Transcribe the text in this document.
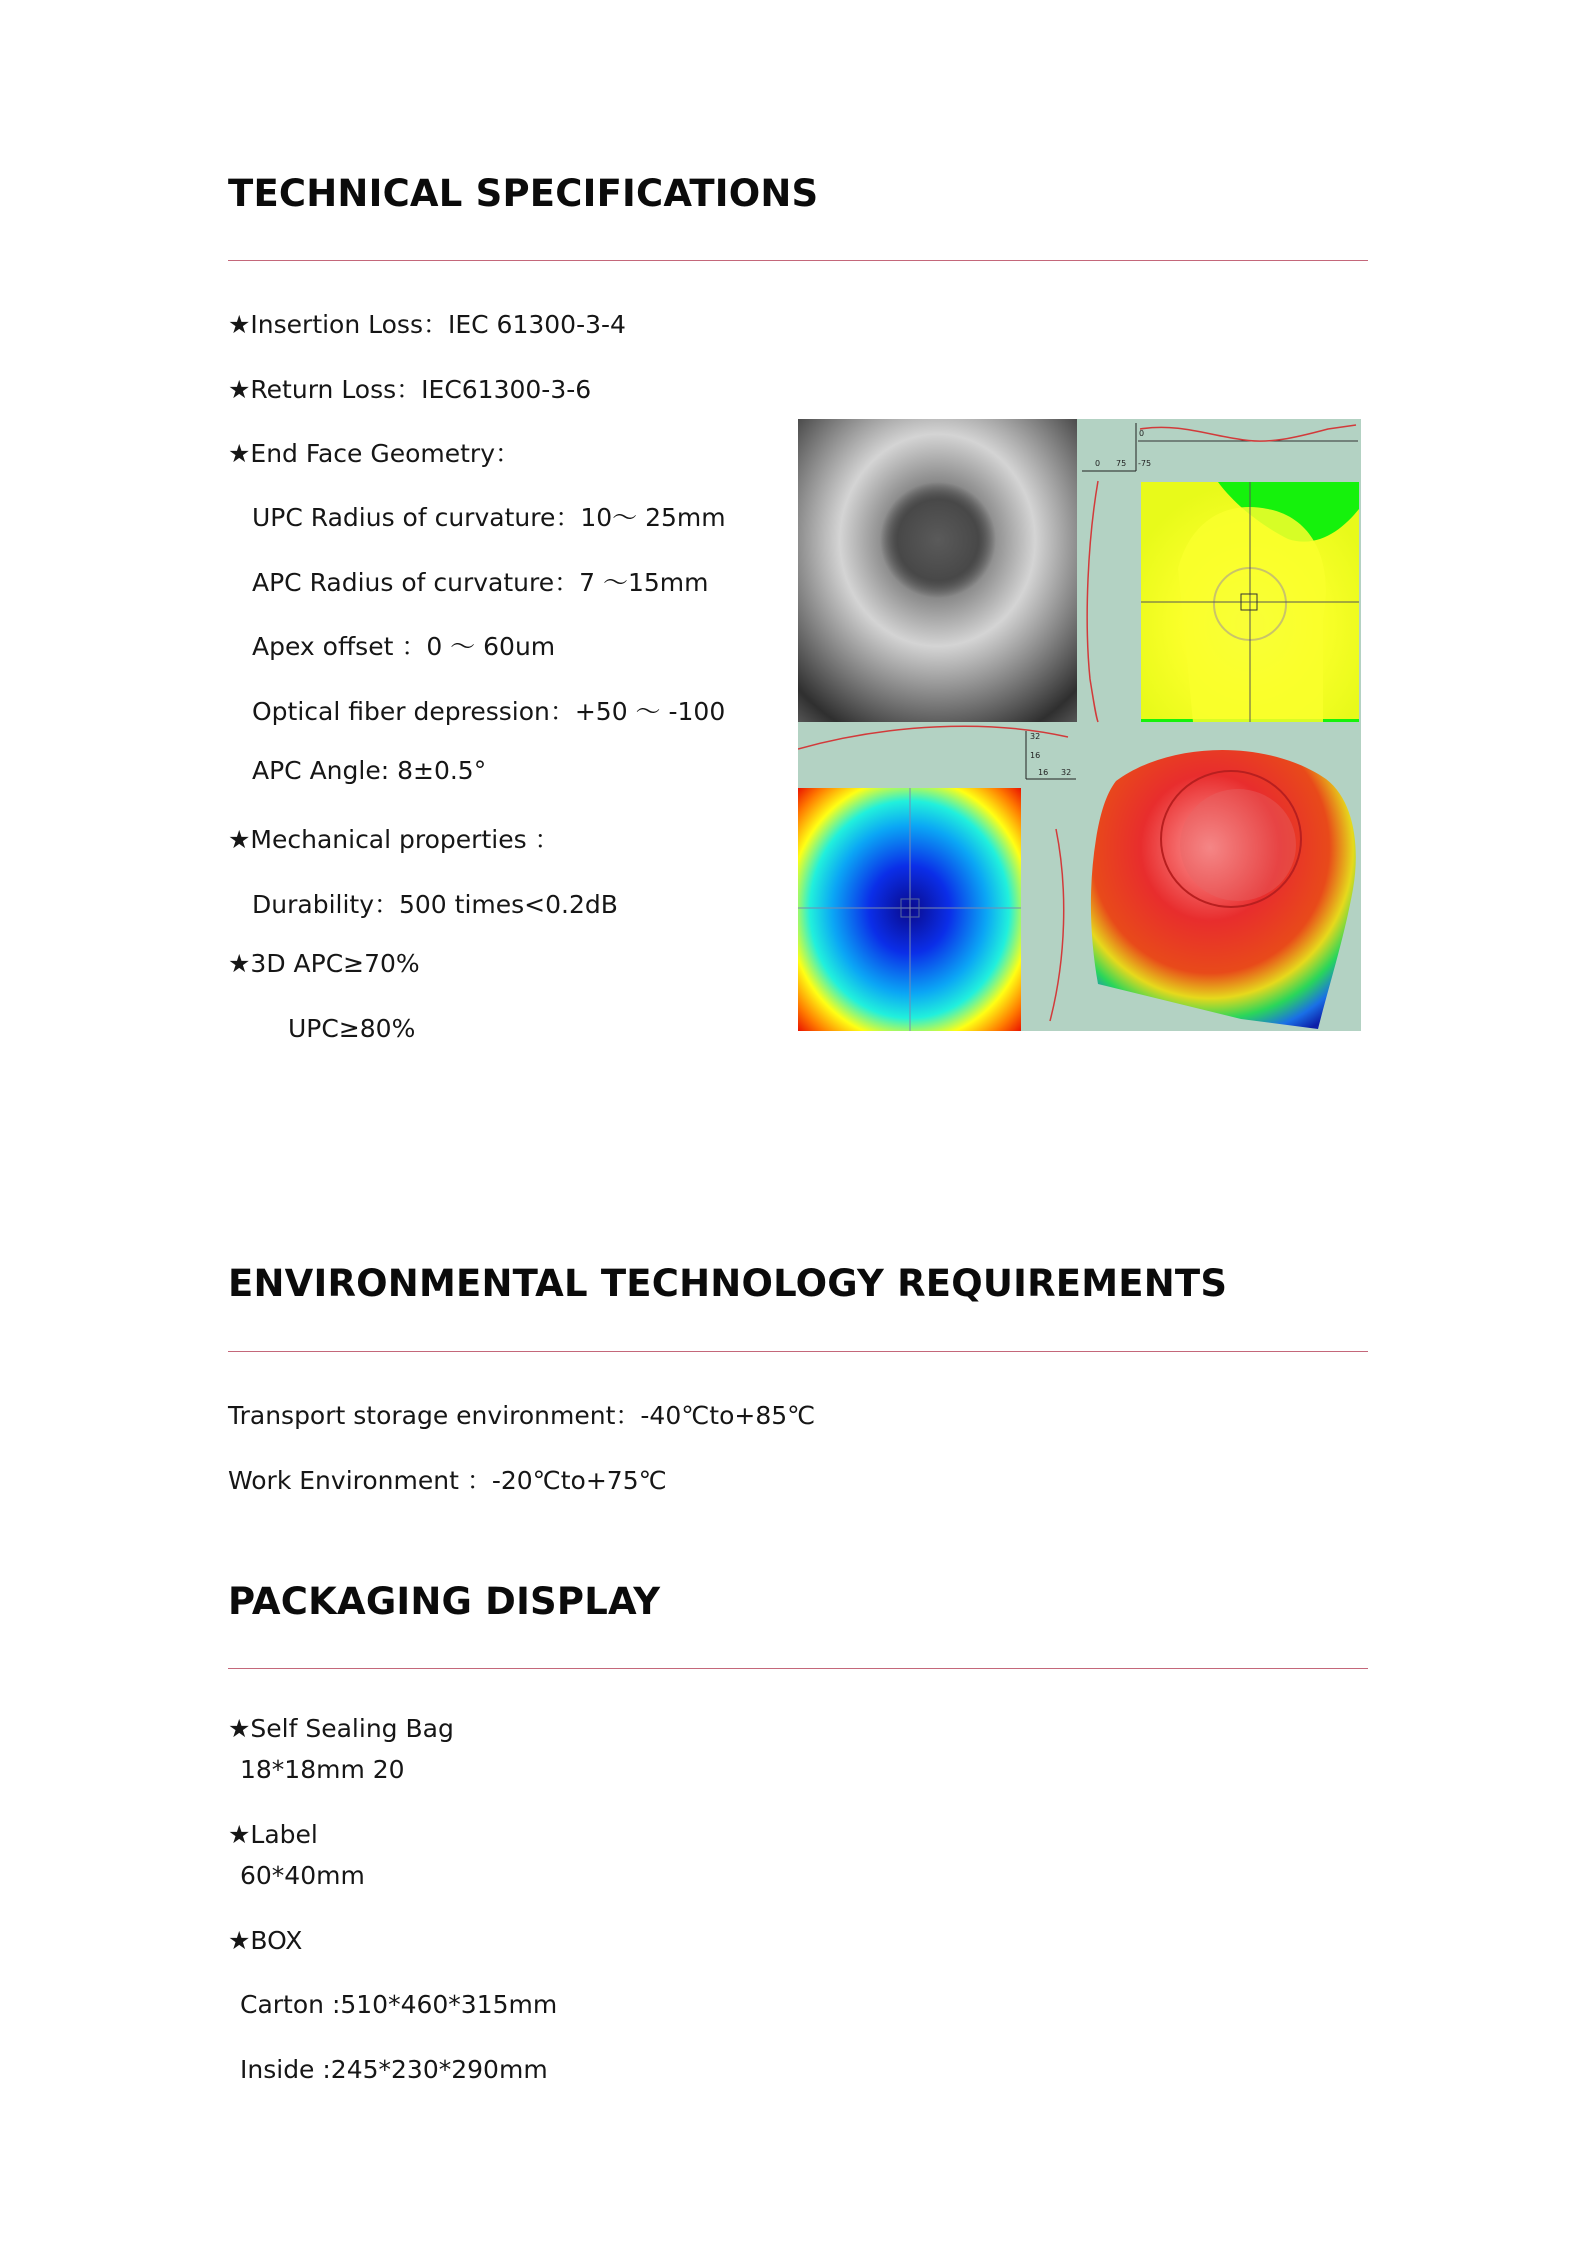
TECHNICAL SPECIFICATIONS
★Insertion Loss：IEC 61300-3-4
★Return Loss：IEC61300-3-6
★End Face Geometry：
UPC Radius of curvature：10～ 25mm
APC Radius of curvature：7 ～15mm
Apex offset ：0 ～ 60um
Optical fiber depression：+50 ～ -100
APC Angle: 8±0.5°
★Mechanical properties ：
Durability：500 times<0.2dB
★3D APC≥70%
UPC≥80%
0 75 -75
0
32
16
16 32
ENVIRONMENTAL TECHNOLOGY REQUIREMENTS
Transport storage environment：-40℃to+85℃
Work Environment ：-20℃to+75℃
PACKAGING DISPLAY
★Self Sealing Bag
18*18mm 20
★Label
60*40mm
★BOX
Carton :510*460*315mm
Inside :245*230*290mm
